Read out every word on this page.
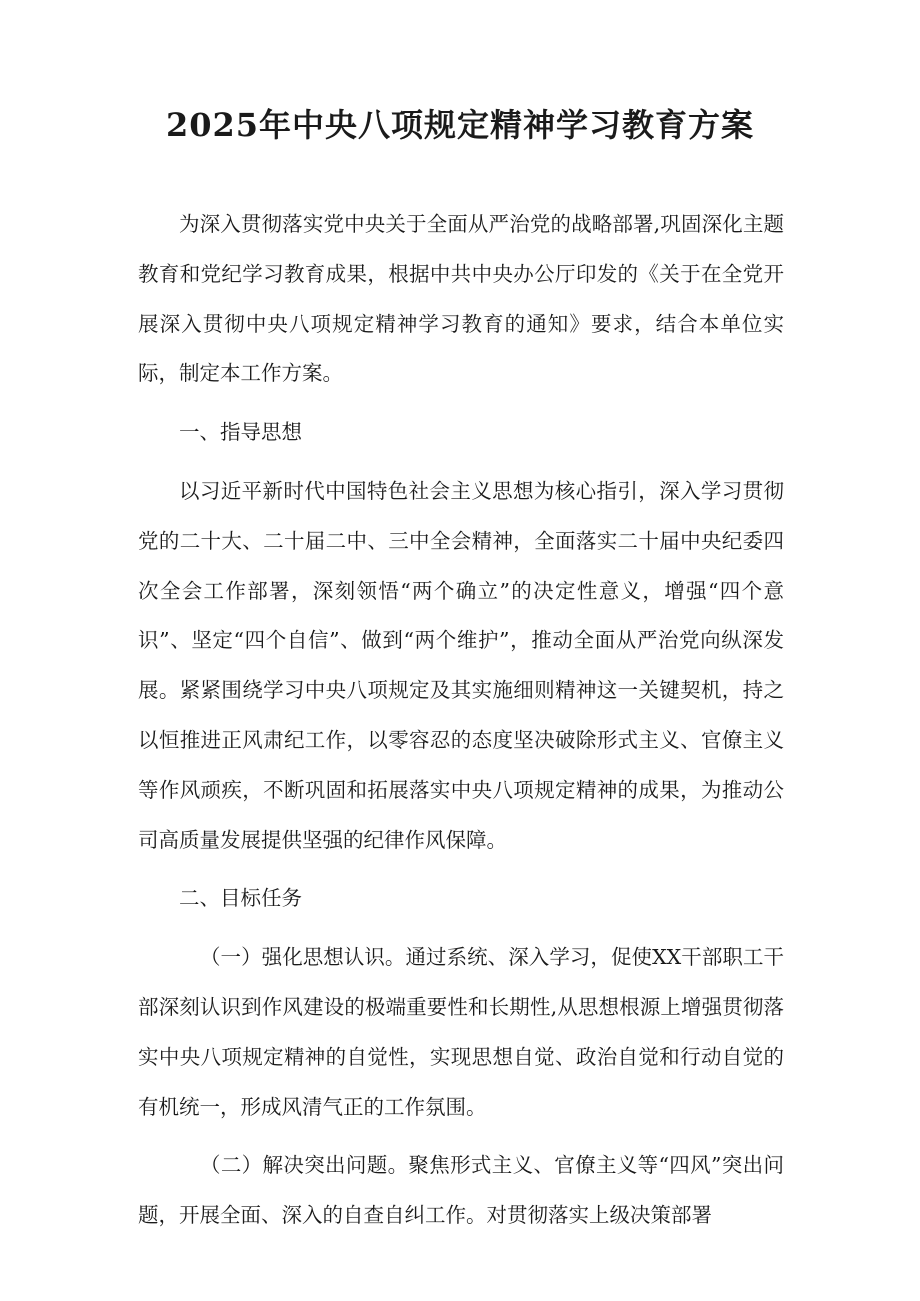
2025年中央八项规定精神学习教育方案

为深入贯彻落实党中央关于全面从严治党的战略部署,巩固深化主题教育和党纪学习教育成果，根据中共中央办公厅印发的《关于在全党开展深入贯彻中央八项规定精神学习教育的通知》要求，结合本单位实际，制定本工作方案。

一、指导思想

以习近平新时代中国特色社会主义思想为核心指引，深入学习贯彻党的二十大、二十届二中、三中全会精神，全面落实二十届中央纪委四次全会工作部署，深刻领悟“两个确立”的决定性意义，增强“四个意识”、坚定“四个自信”、做到“两个维护”，推动全面从严治党向纵深发展。紧紧围绕学习中央八项规定及其实施细则精神这一关键契机，持之以恒推进正风肃纪工作，以零容忍的态度坚决破除形式主义、官僚主义等作风顽疾，不断巩固和拓展落实中央八项规定精神的成果，为推动公司高质量发展提供坚强的纪律作风保障。

二、目标任务

（一）强化思想认识。通过系统、深入学习，促使XX干部职工干部深刻认识到作风建设的极端重要性和长期性,从思想根源上增强贯彻落实中央八项规定精神的自觉性，实现思想自觉、政治自觉和行动自觉的有机统一，形成风清气正的工作氛围。

（二）解决突出问题。聚焦形式主义、官僚主义等“四风”突出问题，开展全面、深入的自查自纠工作。对贯彻落实上级决策部署
